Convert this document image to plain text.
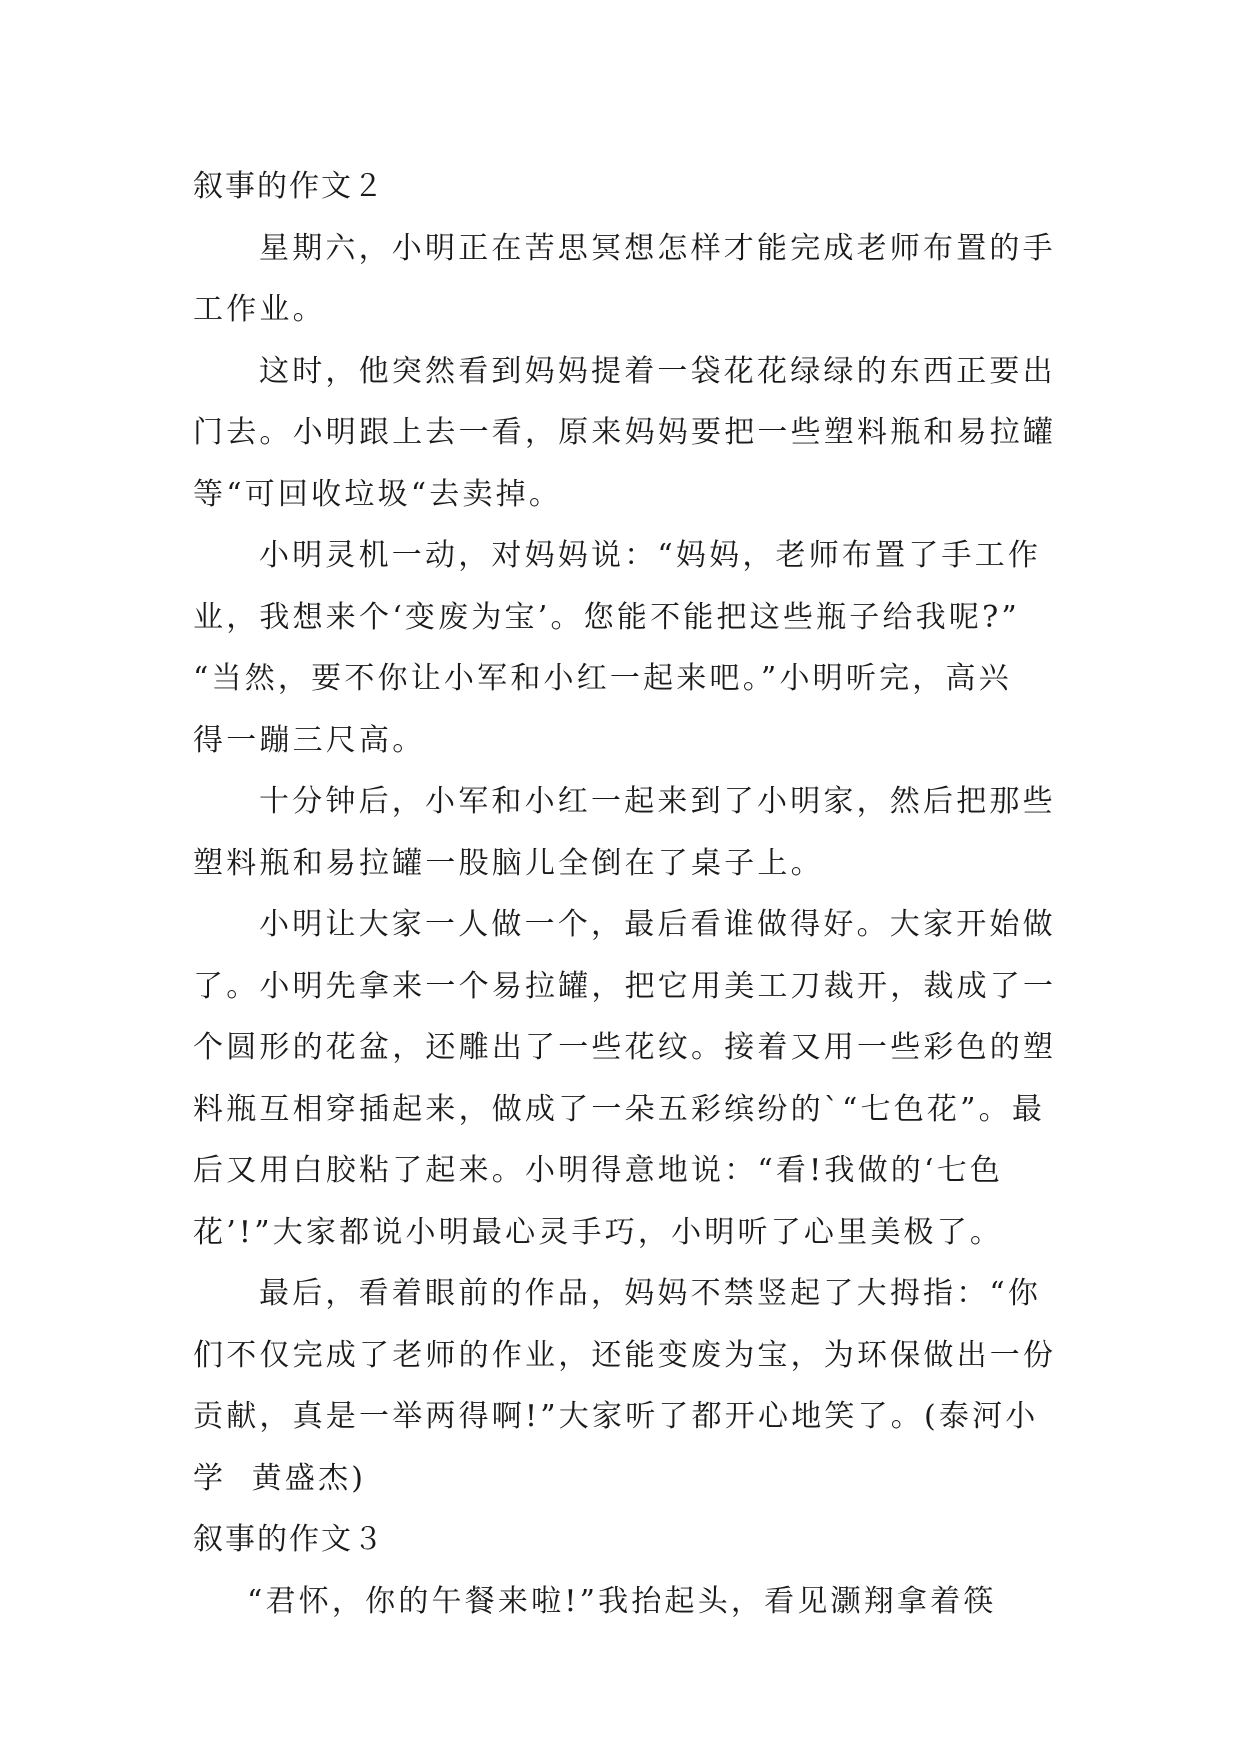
叙事的作文２
星期六，小明正在苦思冥想怎样才能完成老师布置的手
工作业。
这时，他突然看到妈妈提着一袋花花绿绿的东西正要出
门去。小明跟上去一看，原来妈妈要把一些塑料瓶和易拉罐
等“可回收垃圾“去卖掉。
小明灵机一动，对妈妈说：“妈妈，老师布置了手工作
业，我想来个‘变废为宝’。您能不能把这些瓶子给我呢?”
“当然，要不你让小军和小红一起来吧。”小明听完，高兴
得一蹦三尺高。
十分钟后，小军和小红一起来到了小明家，然后把那些
塑料瓶和易拉罐一股脑儿全倒在了桌子上。
小明让大家一人做一个，最后看谁做得好。大家开始做
了。小明先拿来一个易拉罐，把它用美工刀裁开，裁成了一
个圆形的花盆，还雕出了一些花纹。接着又用一些彩色的塑
料瓶互相穿插起来，做成了一朵五彩缤纷的`“七色花”。最
后又用白胶粘了起来。小明得意地说：“看!我做的‘七色
花’!”大家都说小明最心灵手巧，小明听了心里美极了。
最后，看着眼前的作品，妈妈不禁竖起了大拇指：“你
们不仅完成了老师的作业，还能变废为宝，为环保做出一份
贡献，真是一举两得啊!”大家听了都开心地笑了。(泰河小
学  黄盛杰)
叙事的作文３
“君怀，你的午餐来啦!”我抬起头，看见灏翔拿着筷
